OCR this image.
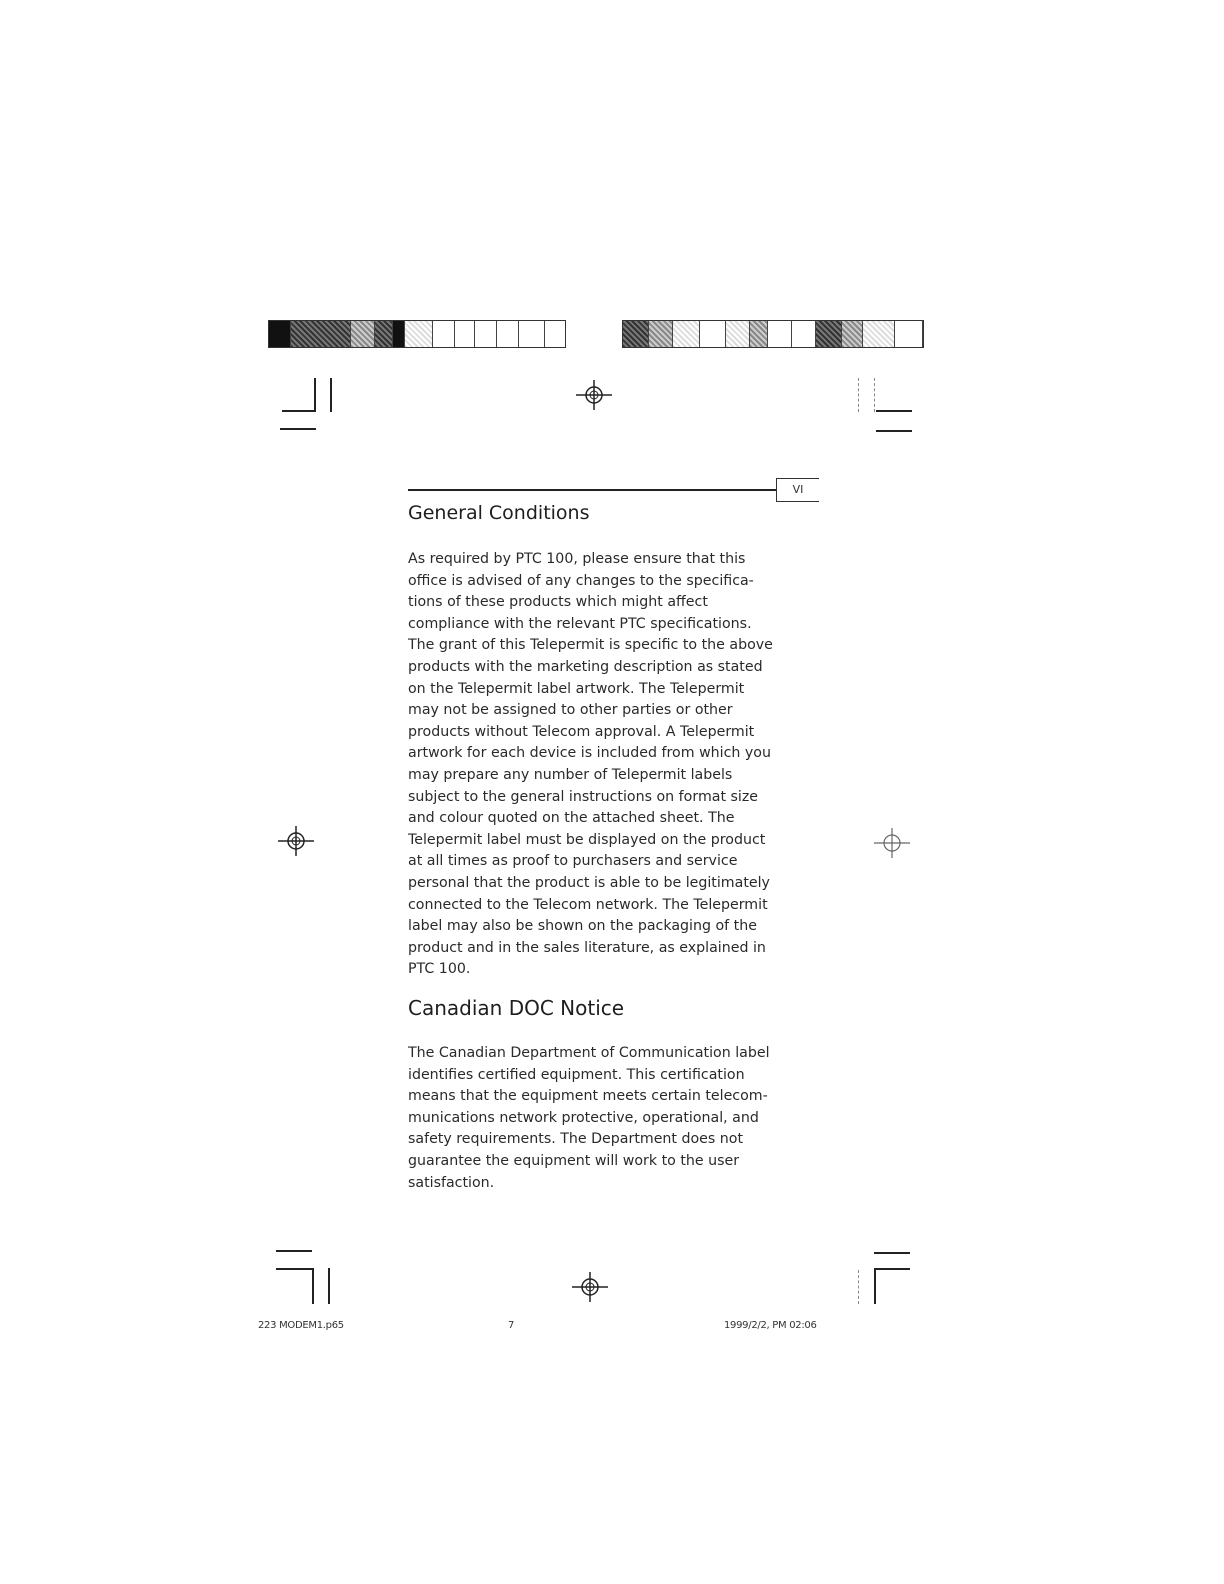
VI
General Conditions
As required by PTC 100, please ensure that this
office is advised of any changes to the specifica-
tions of these products which might affect
compliance with the relevant PTC specifications.
The grant of this Telepermit is specific to the above
products with the marketing description as stated
on the Telepermit label artwork. The Telepermit
may not be assigned to other parties or other
products without Telecom approval. A Telepermit
artwork for each device is included from which you
may prepare any number of Telepermit labels
subject to the general instructions on format size
and colour quoted on the attached sheet. The
Telepermit label must be displayed on the product
at all times as proof to purchasers and service
personal that the product is able to be legitimately
connected to the Telecom network. The Telepermit
label may also be shown on the packaging of the
product and in the sales literature, as explained in
PTC 100.
Canadian DOC Notice
The Canadian Department of Communication label
identifies certified equipment. This certification
means that the equipment meets certain telecom-
munications network protective, operational, and
safety requirements. The Department does not
guarantee the equipment will work to the user
satisfaction.
223 MODEM1.p65	7	1999/2/2, PM 02:06
